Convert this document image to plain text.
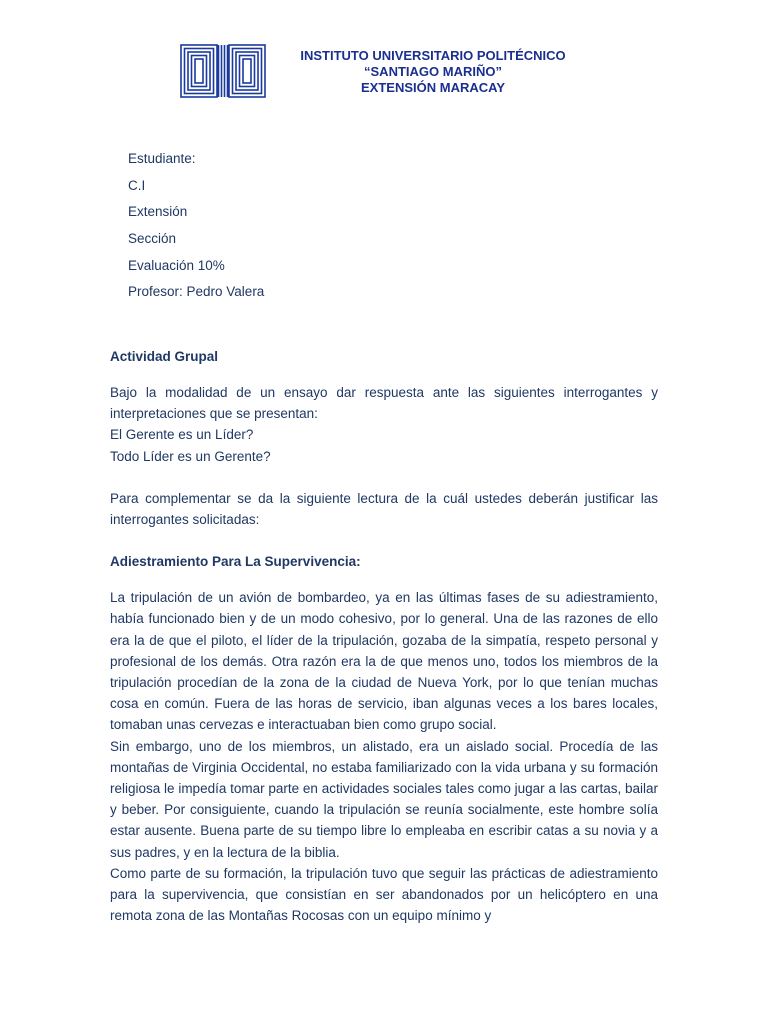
INSTITUTO UNIVERSITARIO POLITÉCNICO
“SANTIAGO MARIÑO”
EXTENSIÓN MARACAY
Estudiante:
C.I
Extensión
Sección
Evaluación 10%
Profesor: Pedro Valera
Actividad Grupal

Bajo la modalidad de un ensayo dar respuesta ante las siguientes interrogantes y interpretaciones que se presentan:

El Gerente es un Líder?

Todo Líder es un Gerente?

Para complementar se da la siguiente lectura de la cuál ustedes deberán justificar las interrogantes solicitadas:

Adiestramiento Para La Supervivencia:

La tripulación de un avión de bombardeo, ya en las últimas fases de su adiestramiento, había funcionado bien y de un modo cohesivo, por lo general. Una de las razones de ello era la de que el piloto, el líder de la tripulación, gozaba de la simpatía, respeto personal y profesional de los demás. Otra razón era la de que menos uno, todos los miembros de la tripulación procedían de la zona de la ciudad de Nueva York, por lo que tenían muchas cosa en común. Fuera de las horas de servicio, iban algunas veces a los bares locales, tomaban unas cervezas e interactuaban bien como grupo social.

Sin embargo, uno de los miembros, un alistado, era un aislado social. Procedía de las montañas de Virginia Occidental, no estaba familiarizado con la vida urbana y su formación religiosa le impedía tomar parte en actividades sociales tales como jugar a las cartas, bailar y beber. Por consiguiente, cuando la tripulación se reunía socialmente, este hombre solía estar ausente. Buena parte de su tiempo libre lo empleaba en escribir catas a su novia y a sus padres, y en la lectura de la biblia.

Como parte de su formación, la tripulación tuvo que seguir las prácticas de adiestramiento para la supervivencia, que consistían en ser abandonados por un helicóptero en una remota zona de las Montañas Rocosas con un equipo mínimo y
